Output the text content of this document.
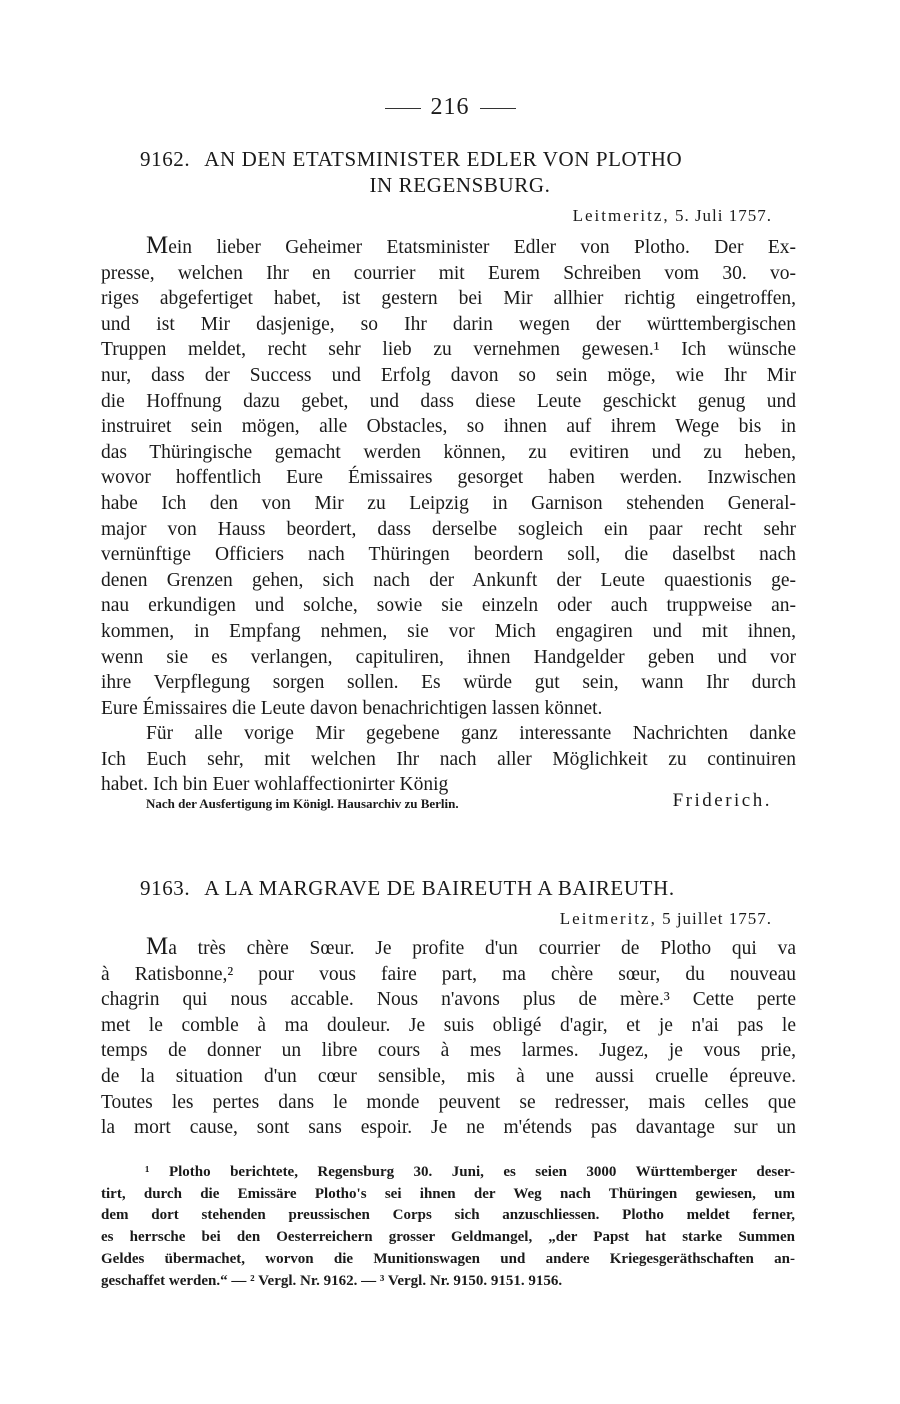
216
9162. AN DEN ETATSMINISTER EDLER VON PLOTHO
IN REGENSBURG.
Leitmeritz, 5. Juli 1757.
Mein lieber Geheimer Etatsminister Edler von Plotho. Der Ex-
presse, welchen Ihr en courrier mit Eurem Schreiben vom 30. vo-
riges abgefertiget habet, ist gestern bei Mir allhier richtig eingetroffen,
und ist Mir dasjenige, so Ihr darin wegen der württembergischen
Truppen meldet, recht sehr lieb zu vernehmen gewesen.¹ Ich wünsche
nur, dass der Success und Erfolg davon so sein möge, wie Ihr Mir
die Hoffnung dazu gebet, und dass diese Leute geschickt genug und
instruiret sein mögen, alle Obstacles, so ihnen auf ihrem Wege bis in
das Thüringische gemacht werden können, zu evitiren und zu heben,
wovor hoffentlich Eure Émissaires gesorget haben werden. Inzwischen
habe Ich den von Mir zu Leipzig in Garnison stehenden General-
major von Hauss beordert, dass derselbe sogleich ein paar recht sehr
vernünftige Officiers nach Thüringen beordern soll, die daselbst nach
denen Grenzen gehen, sich nach der Ankunft der Leute quaestionis ge-
nau erkundigen und solche, sowie sie einzeln oder auch truppweise an-
kommen, in Empfang nehmen, sie vor Mich engagiren und mit ihnen,
wenn sie es verlangen, capituliren, ihnen Handgelder geben und vor
ihre Verpflegung sorgen sollen. Es würde gut sein, wann Ihr durch
Eure Émissaires die Leute davon benachrichtigen lassen könnet.
Für alle vorige Mir gegebene ganz interessante Nachrichten danke
Ich Euch sehr, mit welchen Ihr nach aller Möglichkeit zu continuiren
habet. Ich bin Euer wohlaffectionirter König
Nach der Ausfertigung im Königl. Hausarchiv zu Berlin.	Friderich.
9163. A LA MARGRAVE DE BAIREUTH A BAIREUTH.
Leitmeritz, 5 juillet 1757.
Ma très chère Sœur. Je profite d'un courrier de Plotho qui va
à Ratisbonne,² pour vous faire part, ma chère sœur, du nouveau
chagrin qui nous accable. Nous n'avons plus de mère.³ Cette perte
met le comble à ma douleur. Je suis obligé d'agir, et je n'ai pas le
temps de donner un libre cours à mes larmes. Jugez, je vous prie,
de la situation d'un cœur sensible, mis à une aussi cruelle épreuve.
Toutes les pertes dans le monde peuvent se redresser, mais celles que
la mort cause, sont sans espoir. Je ne m'étends pas davantage sur un
¹ Plotho berichtete, Regensburg 30. Juni, es seien 3000 Württemberger deser-
tirt, durch die Emissäre Plotho's sei ihnen der Weg nach Thüringen gewiesen, um
dem dort stehenden preussischen Corps sich anzuschliessen. Plotho meldet ferner,
es herrsche bei den Oesterreichern grosser Geldmangel, „der Papst hat starke Summen
Geldes übermachet, worvon die Munitionswagen und andere Kriegesgeräthschaften an-
geschaffet werden.“ — ² Vergl. Nr. 9162. — ³ Vergl. Nr. 9150. 9151. 9156.
